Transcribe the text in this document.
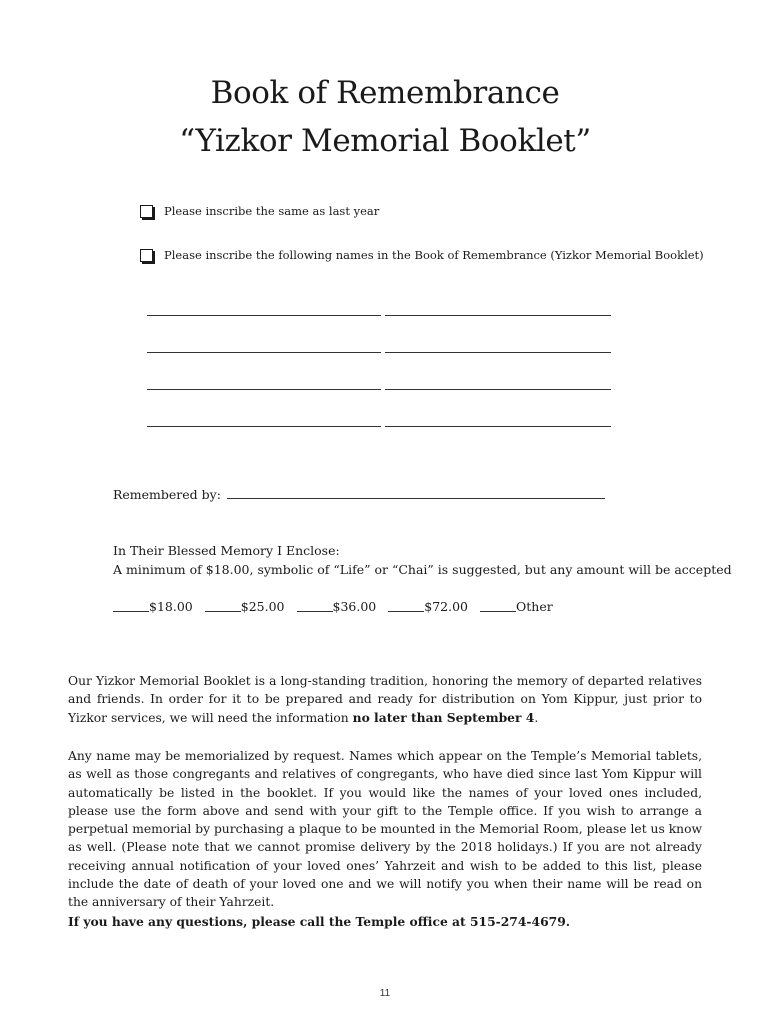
Book of Remembrance
“Yizkor Memorial Booklet”
Please inscribe the same as last year
Please inscribe the following names in the Book of Remembrance (Yizkor Memorial Booklet)
Remembered by:
In Their Blessed Memory I Enclose:
A minimum of $18.00, symbolic of “Life” or “Chai” is suggested, but any amount will be accepted
$18.00	$25.00	$36.00	$72.00	Other
Our Yizkor Memorial Booklet is a long-standing tradition, honoring the memory of departed relatives and friends. In order for it to be prepared and ready for distribution on Yom Kippur, just prior to Yizkor services, we will need the information no later than September 4.
Any name may be memorialized by request. Names which appear on the Temple’s Memorial tablets, as well as those congregants and relatives of congregants, who have died since last Yom Kippur will automatically be listed in the booklet. If you would like the names of your loved ones included, please use the form above and send with your gift to the Temple office. If you wish to arrange a perpetual memorial by purchasing a plaque to be mounted in the Memorial Room, please let us know as well. (Please note that we cannot promise delivery by the 2018 holidays.) If you are not already receiving annual notification of your loved ones’ Yahrzeit and wish to be added to this list, please include the date of death of your loved one and we will notify you when their name will be read on the anniversary of their Yahrzeit.
If you have any questions, please call the Temple office at 515-274-4679.
11
